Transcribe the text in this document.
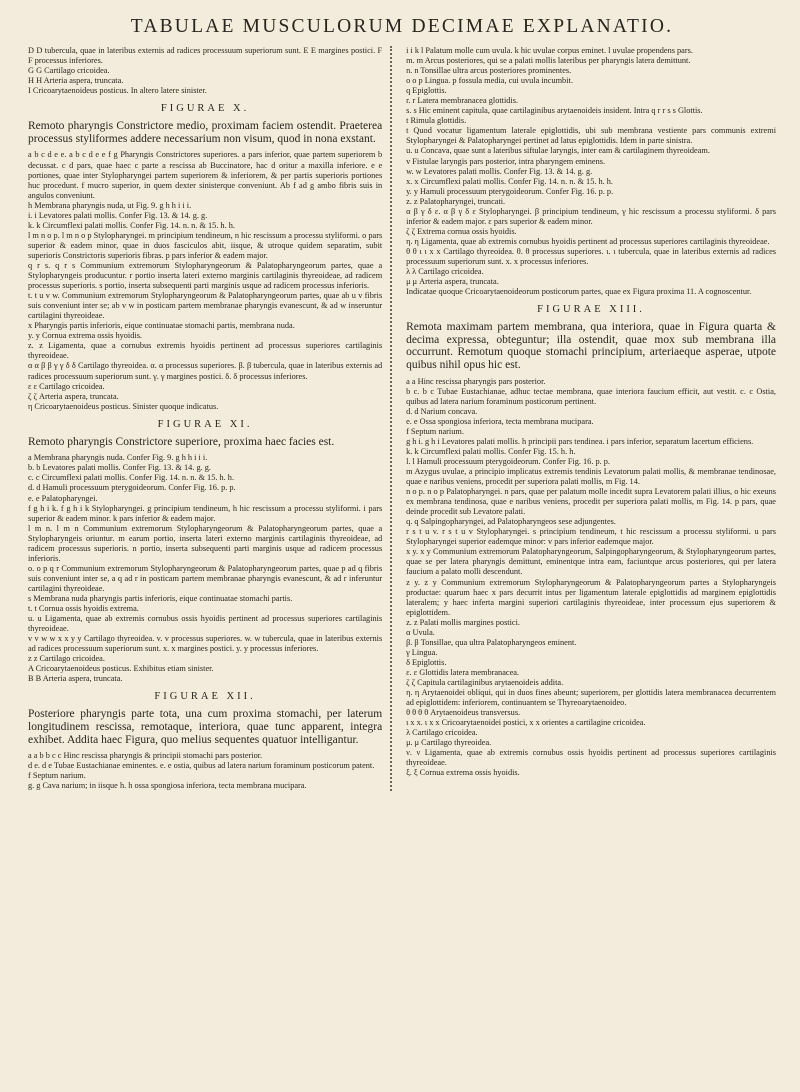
TABULAE MUSCULORUM DECIMAE EXPLANATIO.

D D tubercula, quae in lateribus externis ad radices processuum superiorum sunt. E E margines postici. F F processus inferiores.

G G Cartilago cricoidea.

H H Arteria aspera, truncata.

I Cricoarytaenoideus posticus. In altero latere sinister.

FIGURAE X.

Remoto pharyngis Constrictore medio, proximam faciem ostendit. Praeterea processus styliformes addere necessarium non visum, quod in nona exstant.

a b c d e e. a b c d e e f g Pharyngis Constrictores superiores. a pars inferior, quae partem superiorem b decussat. c d pars, quae haec c parte a rescissa ab Buccinatore, hac d oritur a maxilla inferiore. e e portiones, quae inter Stylopharyngei partem superiorem & inferiorem, & per partis superioris portiones huc procedunt. f mucro superior, in quem dexter sinisterque conveniunt. Ab f ad g ambo fibris suis in angulos conveniunt.

h Membrana pharyngis nuda, ut Fig. 9. g h h i i i.

i. i Levatores palati mollis. Confer Fig. 13. & 14. g. g.

k. k Circumflexi palati mollis. Confer Fig. 14. n. n. & 15. h. h.

l m n o p. l m n o p Stylopharyngei. m principium tendineum, n hic rescissum a processu styliformi. o pars superior & eadem minor, quae in duos fasciculos abit, iisque, & utroque quidem separatim, subit superioris Constrictoris superioris fibras. p pars inferior & eadem major.

q r s. q r s Communium extremorum Stylopharyngeorum & Palatopharyngeorum partes, quae a Stylopharyngeis producuntur. r portio inserta lateri externo marginis cartilaginis thyreoideae, ad radicem processus superioris. s portio, inserta subsequenti parti marginis usque ad radicem processus inferioris.

t. t u v w. Communium extremorum Stylopharyngeorum & Palatopharyngeorum partes, quae ab u v fibris suis conveniunt inter se; ab v w in posticam partem membranae pharyngis evanescunt, & ad w inseruntur cartilagini thyreoideae.

x Pharyngis partis inferioris, eique continuatae stomachi partis, membrana nuda.

y. y Cornua extrema ossis hyoidis.

z. z Ligamenta, quae a cornubus extremis hyoidis pertinent ad processus superiores cartilaginis thyreoideae.

α α β β γ γ δ δ Cartilago thyreoidea. α. α processus superiores. β. β tubercula, quae in lateribus externis ad radices processuum superiorum sunt. γ. γ margines postici. δ. δ processus inferiores.

ε ε Cartilago cricoidea.

ζ ζ Arteria aspera, truncata.

η Cricoarytaenoideus posticus. Sinister quoque indicatus.

FIGURAE XI.

Remoto pharyngis Constrictore superiore, proxima haec facies est.

a Membrana pharyngis nuda. Confer Fig. 9. g h h i i i.

b. b Levatores palati mollis. Confer Fig. 13. & 14. g. g.

c. c Circumflexi palati mollis. Confer Fig. 14. n. n. & 15. h. h.

d. d Hamuli processuum pterygoideorum. Confer Fig. 16. p. p.

e. e Palatopharyngei.

f g h i k. f g h i k Stylopharyngei. g principium tendineum, h hic rescissum a processu styliformi. i pars superior & eadem minor. k pars inferior & eadem major.

l m n. l m n Communium extremorum Stylopharyngeorum & Palatopharyngeorum partes, quae a Stylopharyngeis oriuntur. m earum portio, inserta lateri externo marginis cartilaginis thyreoideae, ad radicem processus superioris. n portio, inserta subsequenti parti marginis usque ad radicem processus inferioris.

o. o p q r Communium extremorum Stylopharyngeorum & Palatopharyngeorum partes, quae p ad q fibris suis conveniunt inter se, a q ad r in posticam partem membranae pharyngis evanescunt, & ad r inferuntur cartilagini thyreoideae.

s Membrana nuda pharyngis partis inferioris, eique continuatae stomachi partis.

t. t Cornua ossis hyoidis extrema.

u. u Ligamenta, quae ab extremis cornubus ossis hyoidis pertinent ad processus superiores cartilaginis thyreoideae.

v v w w x x y y Cartilago thyreoidea. v. v processus superiores. w. w tubercula, quae in lateribus externis ad radices processuum superiorum sunt. x. x margines postici. y. y processus inferiores.

z z Cartilago cricoidea.

A Cricoarytaenoideus posticus. Exhibitus etiam sinister.

B B Arteria aspera, truncata.

FIGURAE XII.

Posteriore pharyngis parte tota, una cum proxima stomachi, per laterum longitudinem rescissa, remotaque, interiora, quae tunc apparent, integra exhibet. Addita haec Figura, quo melius sequentes quatuor intelligantur.

a a b b c c Hinc rescissa pharyngis & principii stomachi pars posterior.

d e. d e Tubae Eustachianae eminentes. e. e ostia, quibus ad latera narium foraminum posticorum patent.

f Septum narium.

g. g Cava narium; in iisque h. h ossa spongiosa inferiora, tecta membrana mucipara.

i i k l Palatum molle cum uvula. k hic uvulae corpus eminet. l uvulae propendens pars.

m. m Arcus posteriores, qui se a palati mollis lateribus per pharyngis latera demittunt.

n. n Tonsillae ultra arcus posteriores prominentes.

o o p Lingua. p fossula media, cui uvula incumbit.

q Epiglottis.

r. r Latera membranacea glottidis.

s. s Hic eminent capitula, quae cartilaginibus arytaenoideis insident. Intra q r r s s Glottis.

t Rimula glottidis.

t Quod vocatur ligamentum laterale epiglottidis, ubi sub membrana vestiente pars communis extremi Stylopharyngei & Palatopharyngei pertinet ad latus epiglottidis. Idem in parte sinistra.

u. u Concava, quae sunt a lateribus siftulae laryngis, inter eam & cartilaginem thyreoideam.

v Fistulae laryngis pars posterior, intra pharyngem eminens.

w. w Levatores palati mollis. Confer Fig. 13. & 14. g. g.

x. x Circumflexi palati mollis. Confer Fig. 14. n. n. & 15. h. h.

y. y Hamuli processuum pterygoideorum. Confer Fig. 16. p. p.

z. z Palatopharyngei, truncati.

α β γ δ ε. α β γ δ ε Stylopharyngei. β principium tendineum, γ hic rescissum a processu styliformi. δ pars inferior & eadem major. ε pars superior & eadem minor.

ζ ζ Extrema cornua ossis hyoidis.

η. η Ligamenta, quae ab extremis cornubus hyoidis pertinent ad processus superiores cartilaginis thyreoideae.

θ θ ι ι x x Cartilago thyreoidea. θ. θ processus superiores. ι. ι tubercula, quae in lateribus externis ad radices processuum superiorum sunt. x. x processus inferiores.

λ λ Cartilago cricoidea.

μ μ Arteria aspera, truncata.

Indicatae quoque Cricoarytaenoideorum posticorum partes, quae ex Figura proxima 11. A cognoscentur.

FIGURAE XIII.

Remota maximam partem membrana, qua interiora, quae in Figura quarta & decima expressa, obteguntur; illa ostendit, quae mox sub membrana illa occurrunt. Remotum quoque stomachi principium, arteriaeque asperae, utpote quibus nihil opus hic est.

a a Hinc rescissa pharyngis pars posterior.

b c. b c Tubae Eustachianae, adhuc tectae membrana, quae interiora faucium efficit, aut vestit. c. c Ostia, quibus ad latera narium foraminum posticorum pertinent.

d. d Narium concava.

e. e Ossa spongiosa inferiora, tecta membrana mucipara.

f Septum narium.

g h i. g h i Levatores palati mollis. h principii pars tendinea. i pars inferior, separatum lacertum efficiens.

k. k Circumflexi palati mollis. Confer Fig. 15. h. h.

l. l Hamuli processuum pterygoideorum. Confer Fig. 16. p. p.

m Azygus uvulae, a principio implicatus extremis tendinis Levatorum palati mollis, & membranae tendinosae, quae e naribus veniens, procedit per superiora palati mollis, m Fig. 14.

n o p. n o p Palatopharyngei. n pars, quae per palatum molle incedit supra Levatorem palati illius, o hic exeuns ex membrana tendinosa, quae e naribus veniens, procedit per superiora palati mollis, m Fig. 14. p pars, quae deinde procedit sub Levatore palati.

q. q Salpingopharyngei, ad Palatopharyngeos sese adjungentes.

r s t u v. r s t u v Stylopharyngei. s principium tendineum, t hic rescissum a processu styliformi. u pars Stylopharyngei superior eademque minor: v pars inferior eademque major.

x y. x y Communium extremorum Palatopharyngeorum, Salpingopharyngeorum, & Stylopharyngeorum partes, quae se per latera pharyngis demittunt, eminentque intra eam, faciuntque arcus posteriores, qui per latera faucium a palato molli descendunt.

z y. z y Communium extremorum Stylopharyngeorum & Palatopharyngeorum partes a Stylopharyngeis productae: quarum haec x pars decurrit intus per ligamentum laterale epiglottidis ad marginem epiglottidis lateralem; y haec inferta margini superiori cartilaginis thyreoideae, inter processum ejus superiorem & epiglottidem.

z. z Palati mollis margines postici.

α Uvula.

β. β Tonsillae, qua ultra Palatopharyngeos eminent.

γ Lingua.

δ Epiglottis.

ε. ε Glottidis latera membranacea.

ζ ζ Capitula cartilaginibus arytaenoideis addita.

η. η Arytaenoidei obliqui, qui in duos fines abeunt; superiorem, per glottidis latera membranacea decurrentem ad epiglottidem: inferiorem, continuantem se Thyreoarytaenoideo.

θ θ θ θ Arytaenoideus transversus.

ι x x. ι x x Cricoarytaenoidei postici, x x orientes a cartilagine cricoidea.

λ Cartilago cricoidea.

μ. μ Cartilago thyreoidea.

ν. ν Ligamenta, quae ab extremis cornubus ossis hyoidis pertinent ad processus superiores cartilaginis thyreoideae.

ξ. ξ Cornua extrema ossis hyoidis.
